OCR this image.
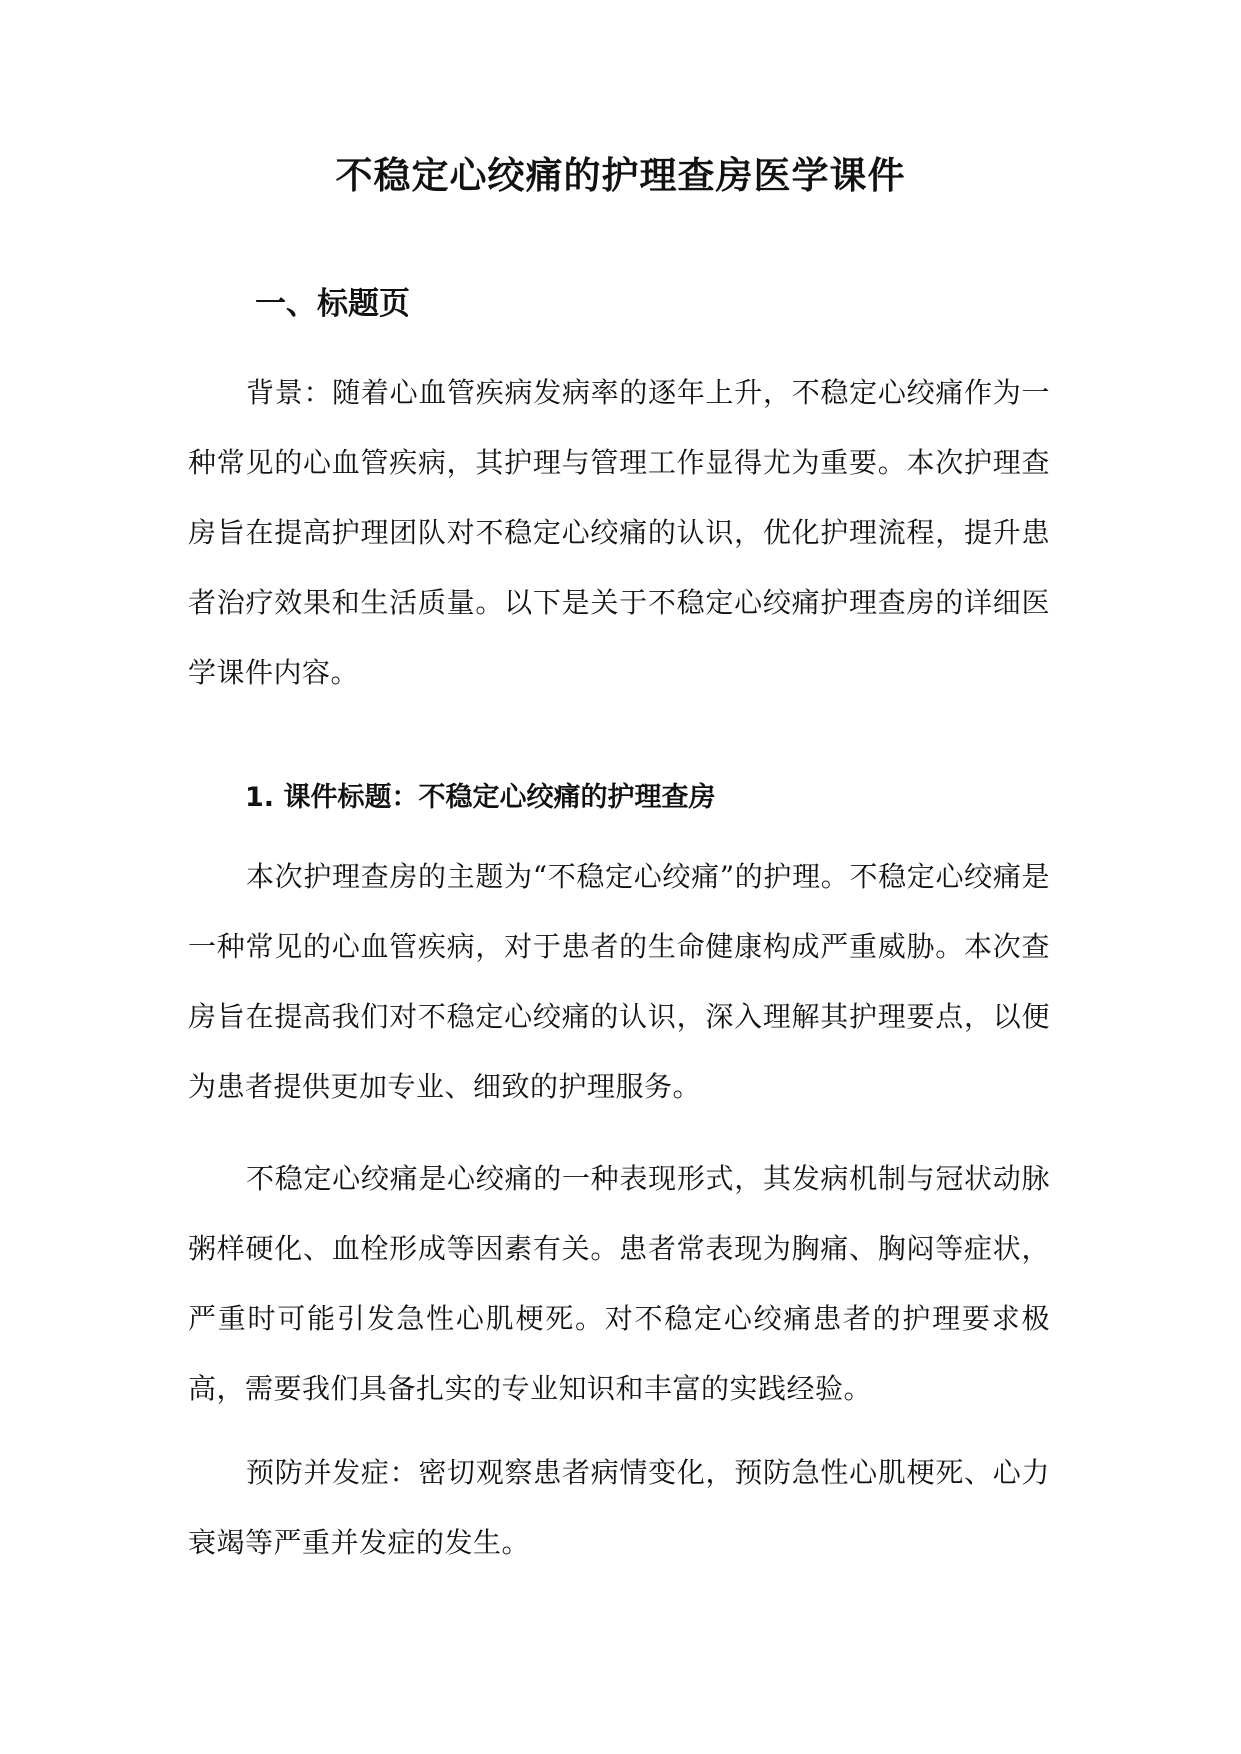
不稳定心绞痛的护理查房医学课件
一、标题页

背景：随着心血管疾病发病率的逐年上升，不稳定心绞痛作为一种常见的心血管疾病，其护理与管理工作显得尤为重要。本次护理查房旨在提高护理团队对不稳定心绞痛的认识，优化护理流程，提升患者治疗效果和生活质量。以下是关于不稳定心绞痛护理查房的详细医学课件内容。

1. 课件标题：不稳定心绞痛的护理查房

本次护理查房的主题为“不稳定心绞痛”的护理。不稳定心绞痛是一种常见的心血管疾病，对于患者的生命健康构成严重威胁。本次查房旨在提高我们对不稳定心绞痛的认识，深入理解其护理要点，以便为患者提供更加专业、细致的护理服务。

不稳定心绞痛是心绞痛的一种表现形式，其发病机制与冠状动脉粥样硬化、血栓形成等因素有关。患者常表现为胸痛、胸闷等症状，严重时可能引发急性心肌梗死。对不稳定心绞痛患者的护理要求极高，需要我们具备扎实的专业知识和丰富的实践经验。

预防并发症：密切观察患者病情变化，预防急性心肌梗死、心力衰竭等严重并发症的发生。
